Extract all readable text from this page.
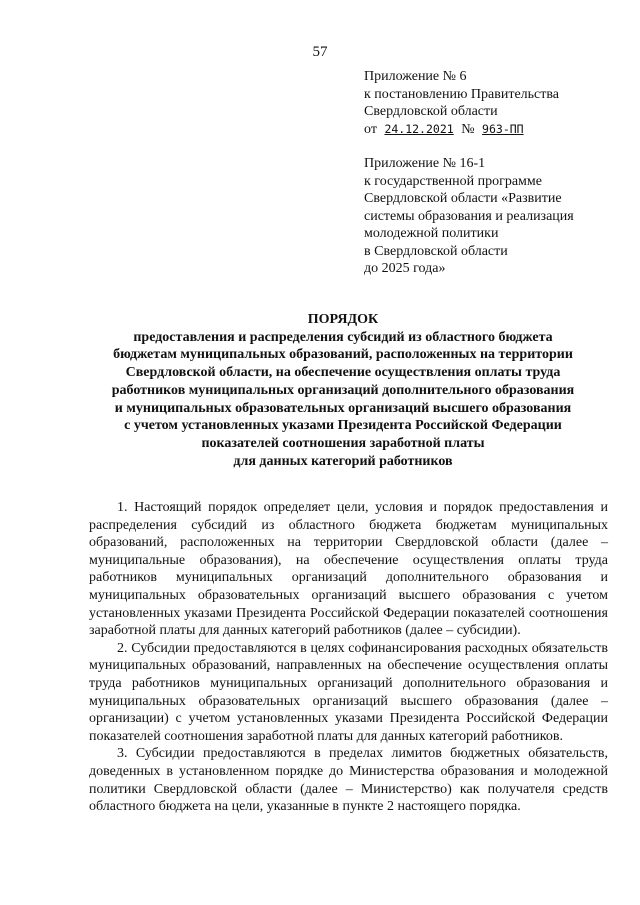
57
Приложение № 6
к постановлению Правительства
Свердловской области
от 24.12.2021 № 963-ПП
Приложение № 16-1
к государственной программе
Свердловской области «Развитие
системы образования и реализация
молодежной политики
в Свердловской области
до 2025 года»
ПОРЯДОК
предоставления и распределения субсидий из областного бюджета
бюджетам муниципальных образований, расположенных на территории
Свердловской области, на обеспечение осуществления оплаты труда
работников муниципальных организаций дополнительного образования
и муниципальных образовательных организаций высшего образования
с учетом установленных указами Президента Российской Федерации
показателей соотношения заработной платы
для данных категорий работников

1. Настоящий порядок определяет цели, условия и порядок предоставления и распределения субсидий из областного бюджета бюджетам муниципальных образований, расположенных на территории Свердловской области (далее – муниципальные образования), на обеспечение осуществления оплаты труда работников муниципальных организаций дополнительного образования и муниципальных образовательных организаций высшего образования с учетом установленных указами Президента Российской Федерации показателей соотношения заработной платы для данных категорий работников (далее – субсидии).

2. Субсидии предоставляются в целях софинансирования расходных обязательств муниципальных образований, направленных на обеспечение осуществления оплаты труда работников муниципальных организаций дополнительного образования и муниципальных образовательных организаций высшего образования (далее – организации) с учетом установленных указами Президента Российской Федерации показателей соотношения заработной платы для данных категорий работников.

3. Субсидии предоставляются в пределах лимитов бюджетных обязательств, доведенных в установленном порядке до Министерства образования и молодежной политики Свердловской области (далее – Министерство) как получателя средств областного бюджета на цели, указанные в пункте 2 настоящего порядка.
